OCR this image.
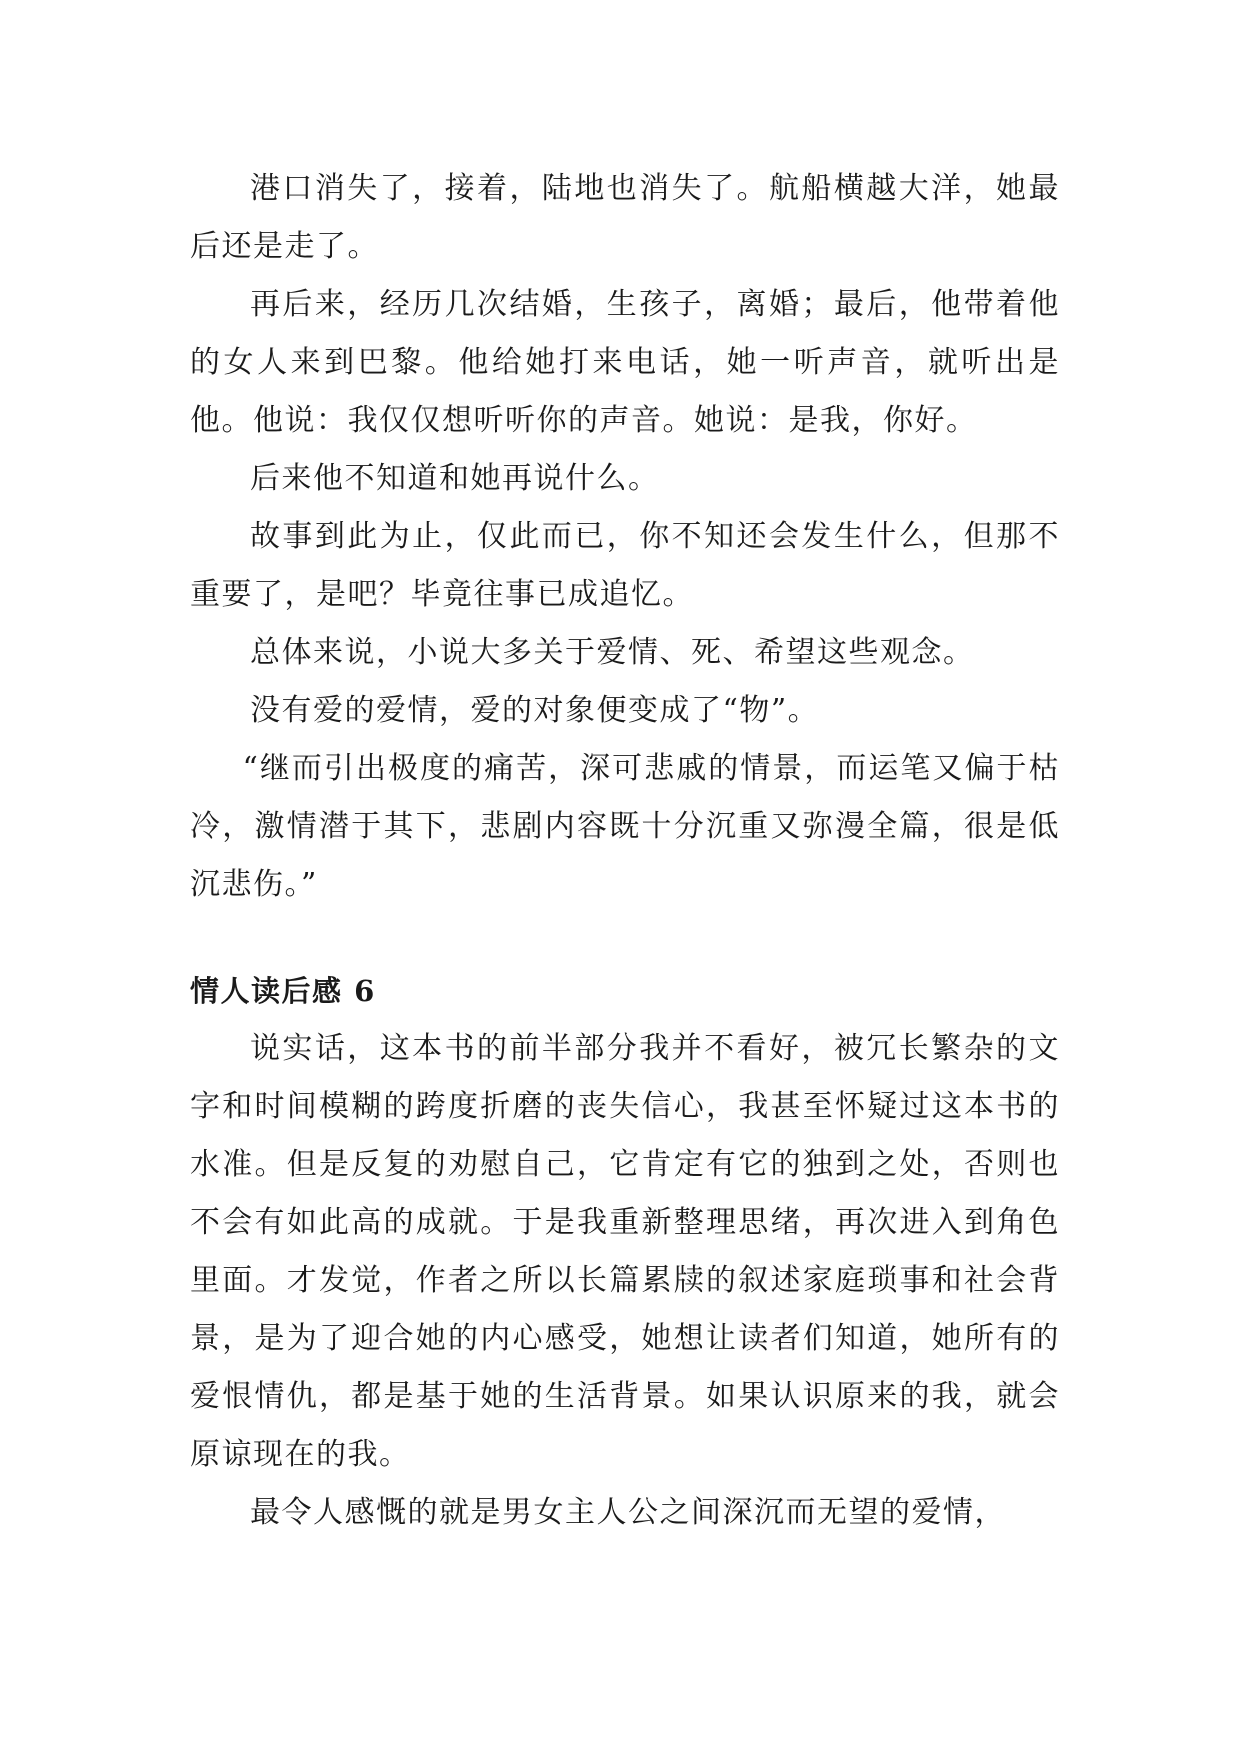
港口消失了，接着，陆地也消失了。航船横越大洋，她最后还是走了。

再后来，经历几次结婚，生孩子，离婚；最后，他带着他的女人来到巴黎。他给她打来电话，她一听声音，就听出是他。他说：我仅仅想听听你的声音。她说：是我，你好。

后来他不知道和她再说什么。

故事到此为止，仅此而已，你不知还会发生什么，但那不重要了，是吧？毕竟往事已成追忆。

总体来说，小说大多关于爱情、死、希望这些观念。

没有爱的爱情，爱的对象便变成了“物”。

“继而引出极度的痛苦，深可悲戚的情景，而运笔又偏于枯冷，激情潜于其下，悲剧内容既十分沉重又弥漫全篇，很是低沉悲伤。”

情人读后感 6

说实话，这本书的前半部分我并不看好，被冗长繁杂的文字和时间模糊的跨度折磨的丧失信心，我甚至怀疑过这本书的水准。但是反复的劝慰自己，它肯定有它的独到之处，否则也不会有如此高的成就。于是我重新整理思绪，再次进入到角色里面。才发觉，作者之所以长篇累牍的叙述家庭琐事和社会背景，是为了迎合她的内心感受，她想让读者们知道，她所有的爱恨情仇，都是基于她的生活背景。如果认识原来的我，就会原谅现在的我。

最令人感慨的就是男女主人公之间深沉而无望的爱情，
